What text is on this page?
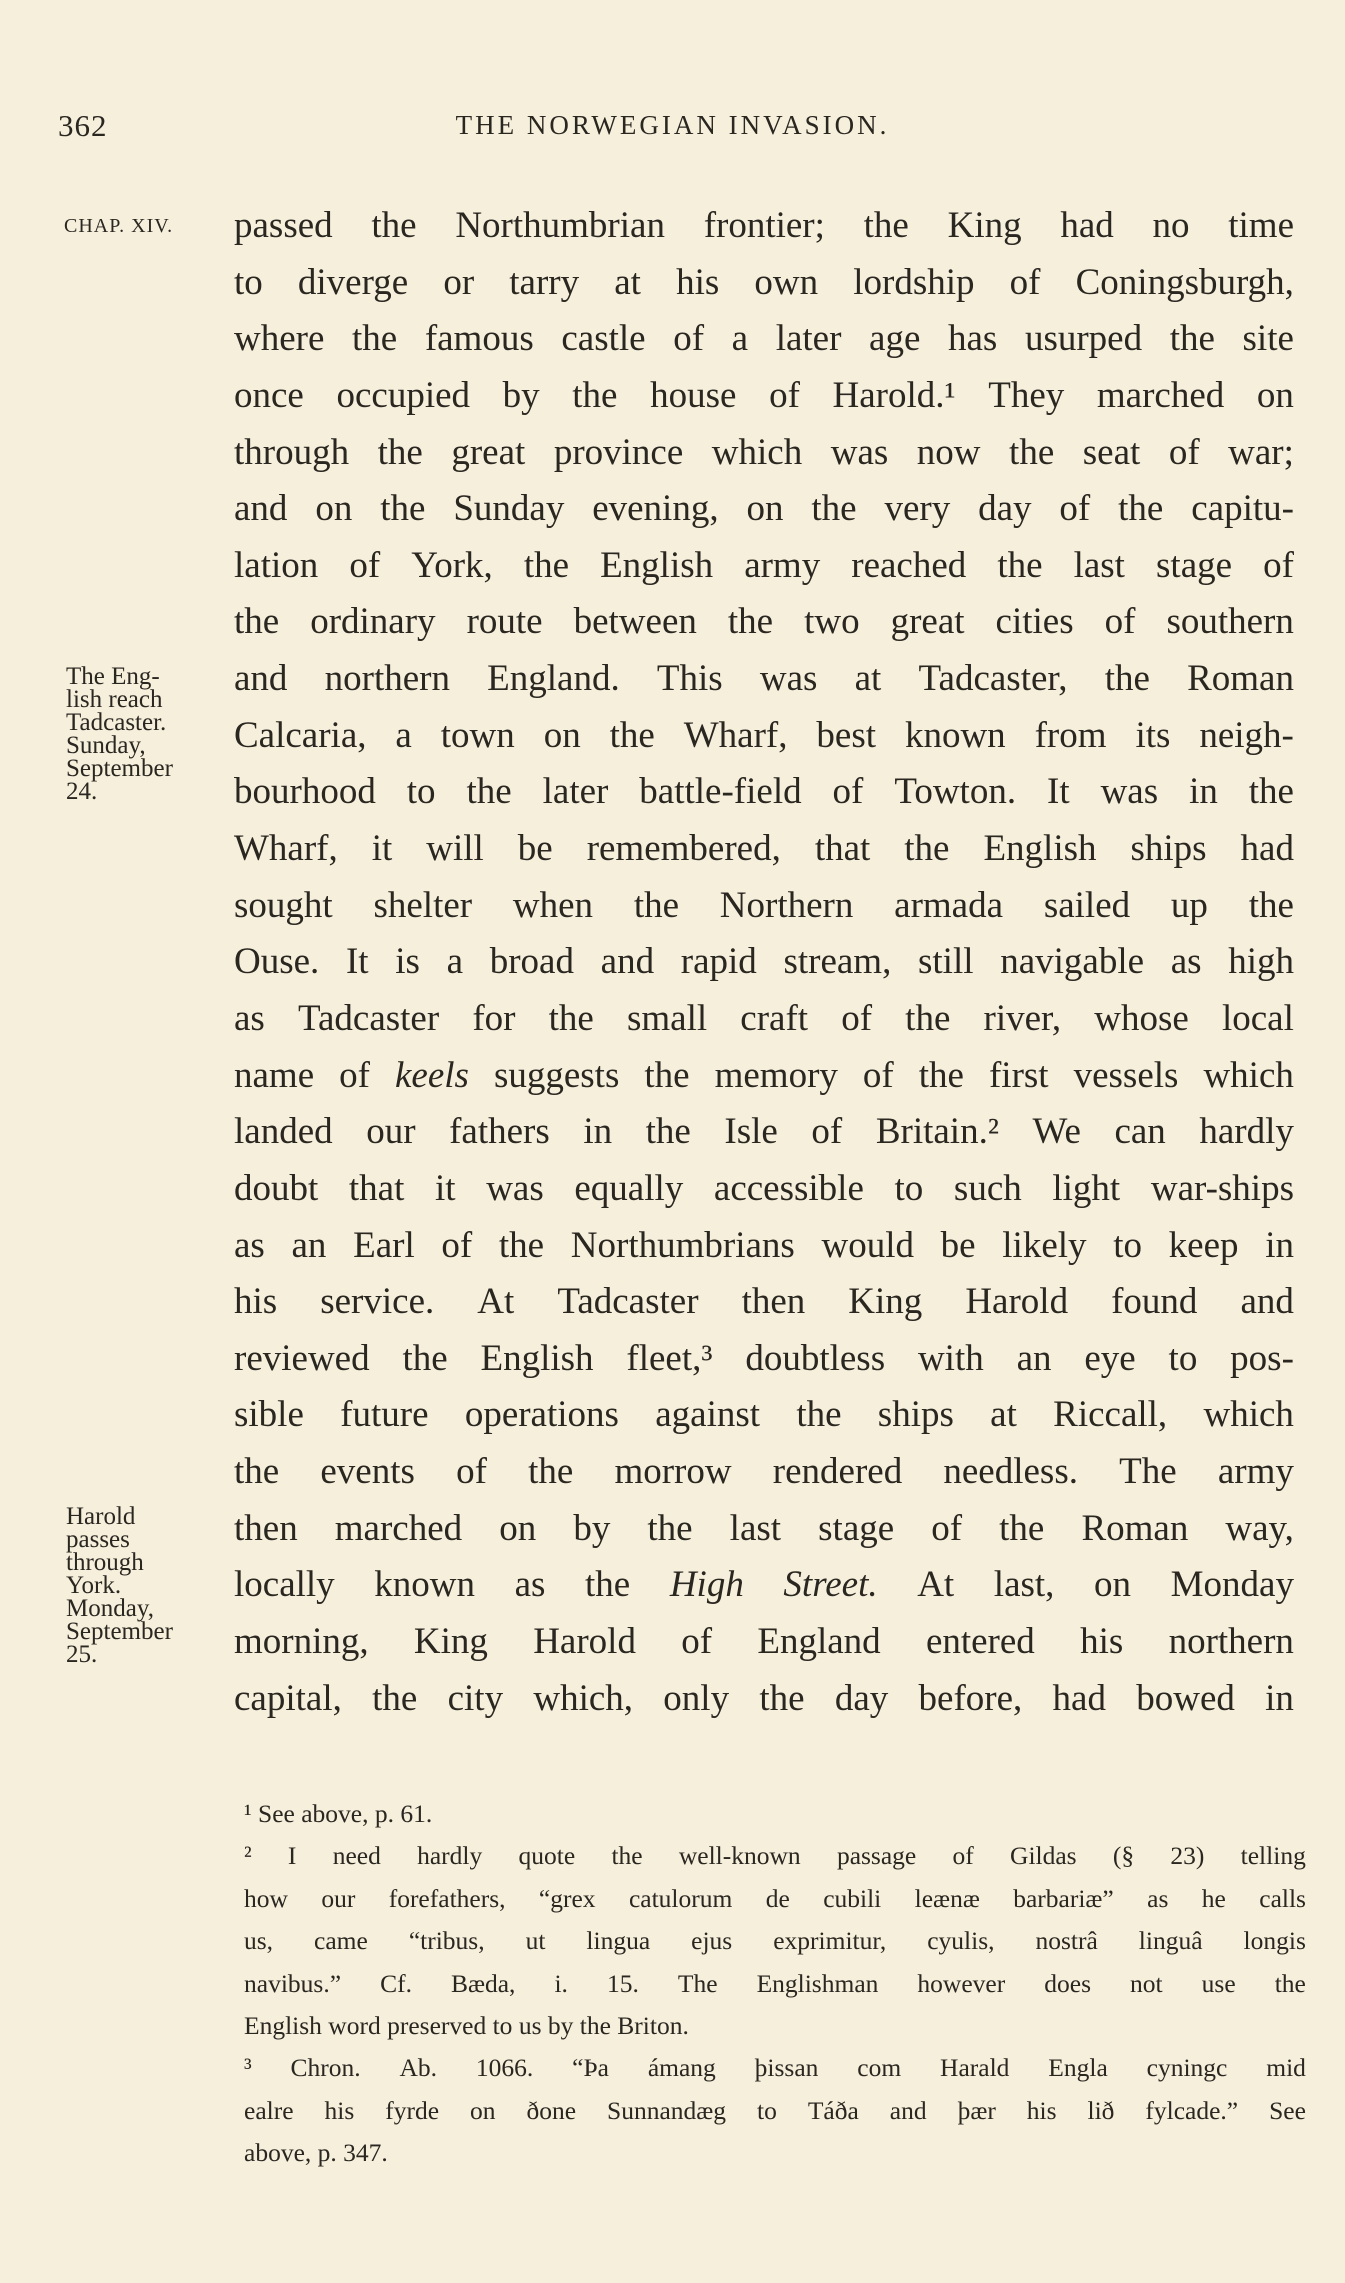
362	THE NORWEGIAN INVASION.
CHAP. XIV.
The Eng-
lish reach
Tadcaster.
Sunday,
September
24.
Harold
passes
through
York.
Monday,
September
25.
passed the Northumbrian frontier; the King had no time
to diverge or tarry at his own lordship of Coningsburgh,
where the famous castle of a later age has usurped the site
once occupied by the house of Harold.¹ They marched on
through the great province which was now the seat of war;
and on the Sunday evening, on the very day of the capitu-
lation of York, the English army reached the last stage of
the ordinary route between the two great cities of southern
and northern England. This was at Tadcaster, the Roman
Calcaria, a town on the Wharf, best known from its neigh-
bourhood to the later battle-field of Towton. It was in the
Wharf, it will be remembered, that the English ships had
sought shelter when the Northern armada sailed up the
Ouse. It is a broad and rapid stream, still navigable as high
as Tadcaster for the small craft of the river, whose local
name of keels suggests the memory of the first vessels which
landed our fathers in the Isle of Britain.² We can hardly
doubt that it was equally accessible to such light war-ships
as an Earl of the Northumbrians would be likely to keep in
his service. At Tadcaster then King Harold found and
reviewed the English fleet,³ doubtless with an eye to pos-
sible future operations against the ships at Riccall, which
the events of the morrow rendered needless. The army
then marched on by the last stage of the Roman way,
locally known as the High Street. At last, on Monday
morning, King Harold of England entered his northern
capital, the city which, only the day before, had bowed in
¹ See above, p. 61.
² I need hardly quote the well-known passage of Gildas (§ 23) telling
how our forefathers, “grex catulorum de cubili leænæ barbariæ” as he calls
us, came “tribus, ut lingua ejus exprimitur, cyulis, nostrâ linguâ longis
navibus.” Cf. Bæda, i. 15. The Englishman however does not use the
English word preserved to us by the Briton.
³ Chron. Ab. 1066. “Þa ámang þissan com Harald Engla cyningc mid
ealre his fyrde on ðone Sunnandæg to Táða and þær his lið fylcade.” See
above, p. 347.
